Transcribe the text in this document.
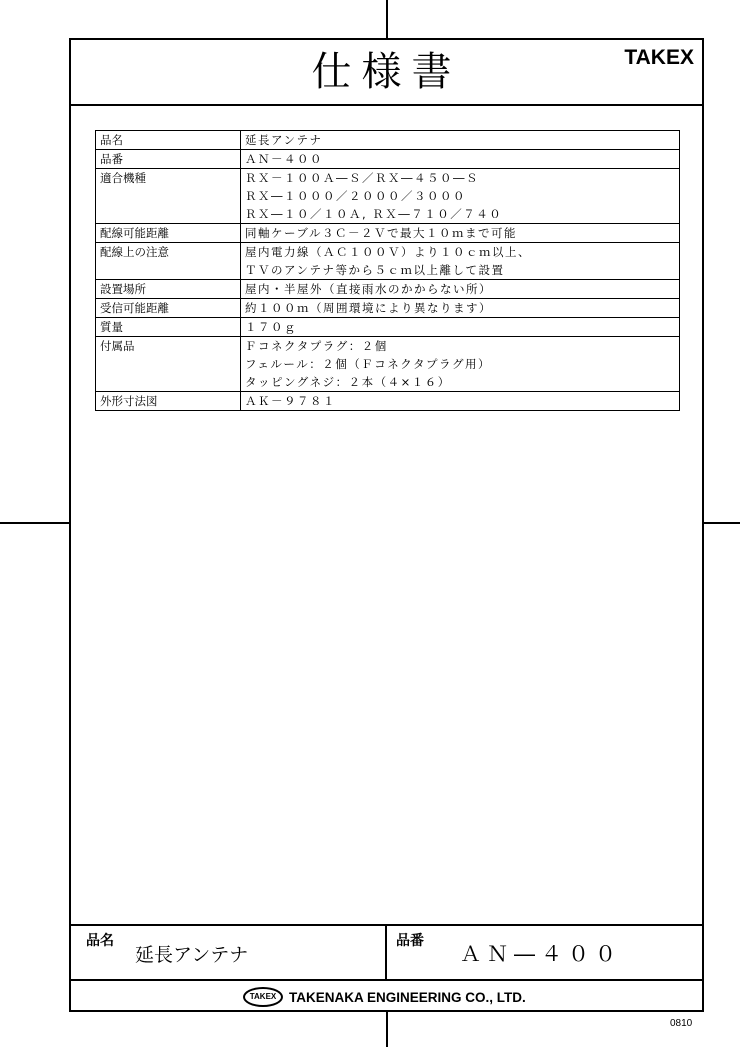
仕様書	TAKEX
品名	延長アンテナ

品番	ＡＮ－４００

適合機種	ＲＸ－１００Ａ―Ｓ／ＲＸ―４５０―Ｓ
ＲＸ―１０００／２０００／３０００
ＲＸ―１０／１０Ａ, ＲＸ―７１０／７４０

配線可能距離	同軸ケーブル３Ｃ－２Ｖで最大１０ｍまで可能

配線上の注意	屋内電力線（ＡＣ１００Ｖ）より１０ｃｍ以上、
ＴＶのアンテナ等から５ｃｍ以上離して設置

設置場所	屋内・半屋外（直接雨水のかからない所）

受信可能距離	約１００ｍ（周囲環境により異なります）

質量	１７０ｇ

付属品	Ｆコネクタプラグ：２個
フェルール：２個（Ｆコネクタプラグ用）
タッピングネジ：２本（４×１６）

外形寸法図	ＡＫ－９７８１
品名
延長アンテナ
品番
ＡＮ―４００
TAKEX TAKENAKA ENGINEERING CO., LTD.
0810
